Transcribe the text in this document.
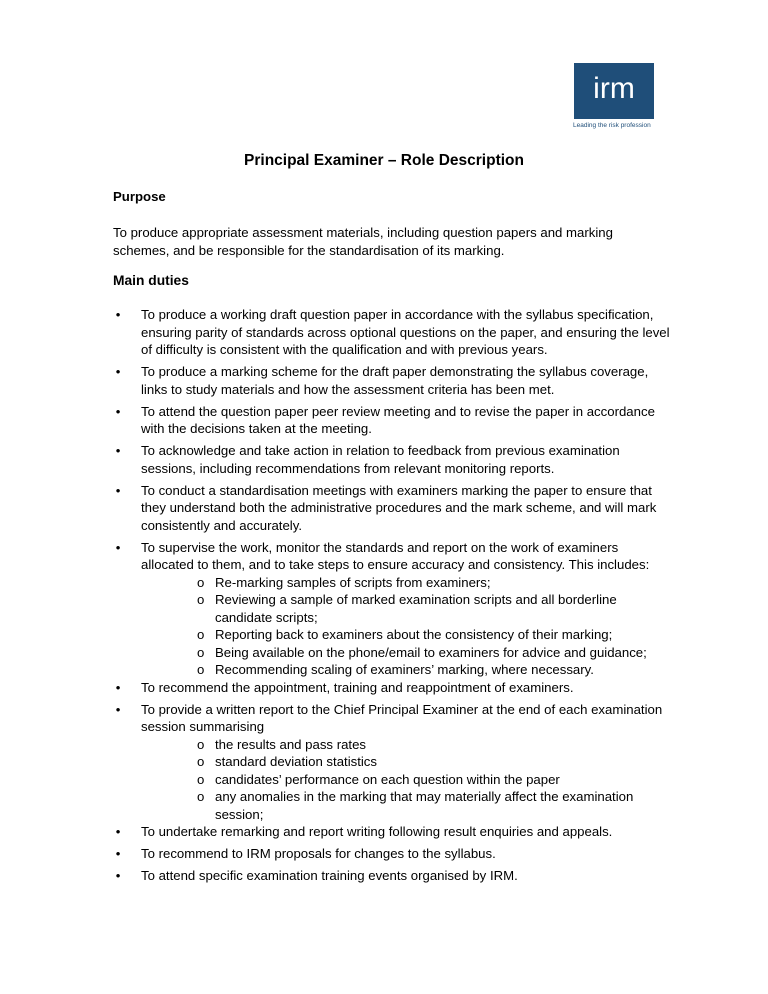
irm
Leading the risk profession
Principal Examiner – Role Description
Purpose
To produce appropriate assessment materials, including question papers and marking schemes, and be responsible for the standardisation of its marking.
Main duties
• To produce a working draft question paper in accordance with the syllabus specification, ensuring parity of standards across optional questions on the paper, and ensuring the level of difficulty is consistent with the qualification and with previous years.
• To produce a marking scheme for the draft paper demonstrating the syllabus coverage, links to study materials and how the assessment criteria has been met.
• To attend the question paper peer review meeting and to revise the paper in accordance with the decisions taken at the meeting.
• To acknowledge and take action in relation to feedback from previous examination sessions, including recommendations from relevant monitoring reports.
• To conduct a standardisation meetings with examiners marking the paper to ensure that they understand both the administrative procedures and the mark scheme, and will mark consistently and accurately.
• To supervise the work, monitor the standards and report on the work of examiners allocated to them, and to take steps to ensure accuracy and consistency. This includes:
o Re-marking samples of scripts from examiners;
o Reviewing a sample of marked examination scripts and all borderline candidate scripts;
o Reporting back to examiners about the consistency of their marking;
o Being available on the phone/email to examiners for advice and guidance;
o Recommending scaling of examiners’ marking, where necessary.
• To recommend the appointment, training and reappointment of examiners.
• To provide a written report to the Chief Principal Examiner at the end of each examination session summarising
o the results and pass rates
o standard deviation statistics
o candidates’ performance on each question within the paper
o any anomalies in the marking that may materially affect the examination session;
• To undertake remarking and report writing following result enquiries and appeals.
• To recommend to IRM proposals for changes to the syllabus.
• To attend specific examination training events organised by IRM.
